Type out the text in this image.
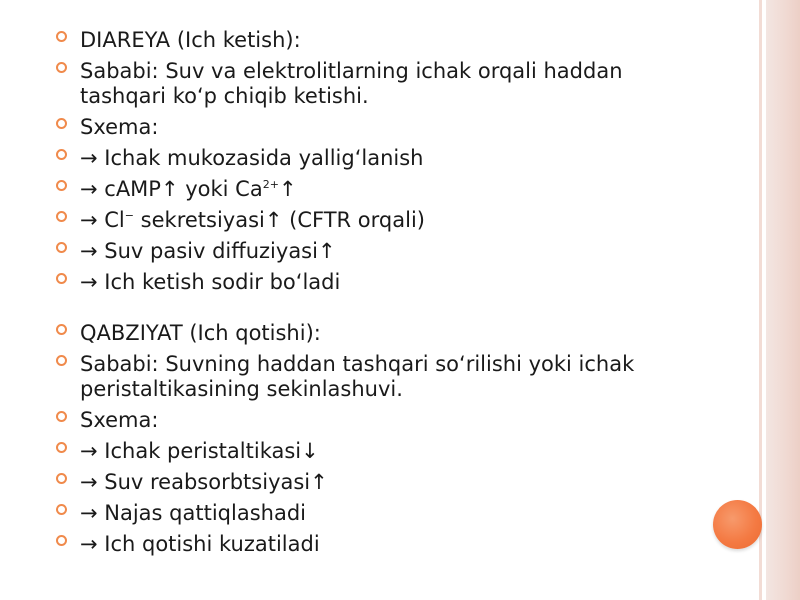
DIAREYA (Ich ketish):
Sababi: Suv va elektrolitlarning ichak orqali haddan
tashqari ko‘p chiqib ketishi.
Sxema:
→ Ichak mukozasida yallig‘lanish
→ cAMP↑ yoki $Ca^{2+}↑$
→ Cl− sekretsiyasi↑ (CFTR orqali)
→ Suv pasiv diffuziyasi↑
→ Ich ketish sodir bo‘ladi
QABZIYAT (Ich qotishi):
Sababi: Suvning haddan tashqari so‘rilishi yoki ichak
peristaltikasining sekinlashuvi.
Sxema:
→ Ichak peristaltikasi↓
→ Suv reabsorbtsiyasi↑
→ Najas qattiqlashadi
→ Ich qotishi kuzatiladi
